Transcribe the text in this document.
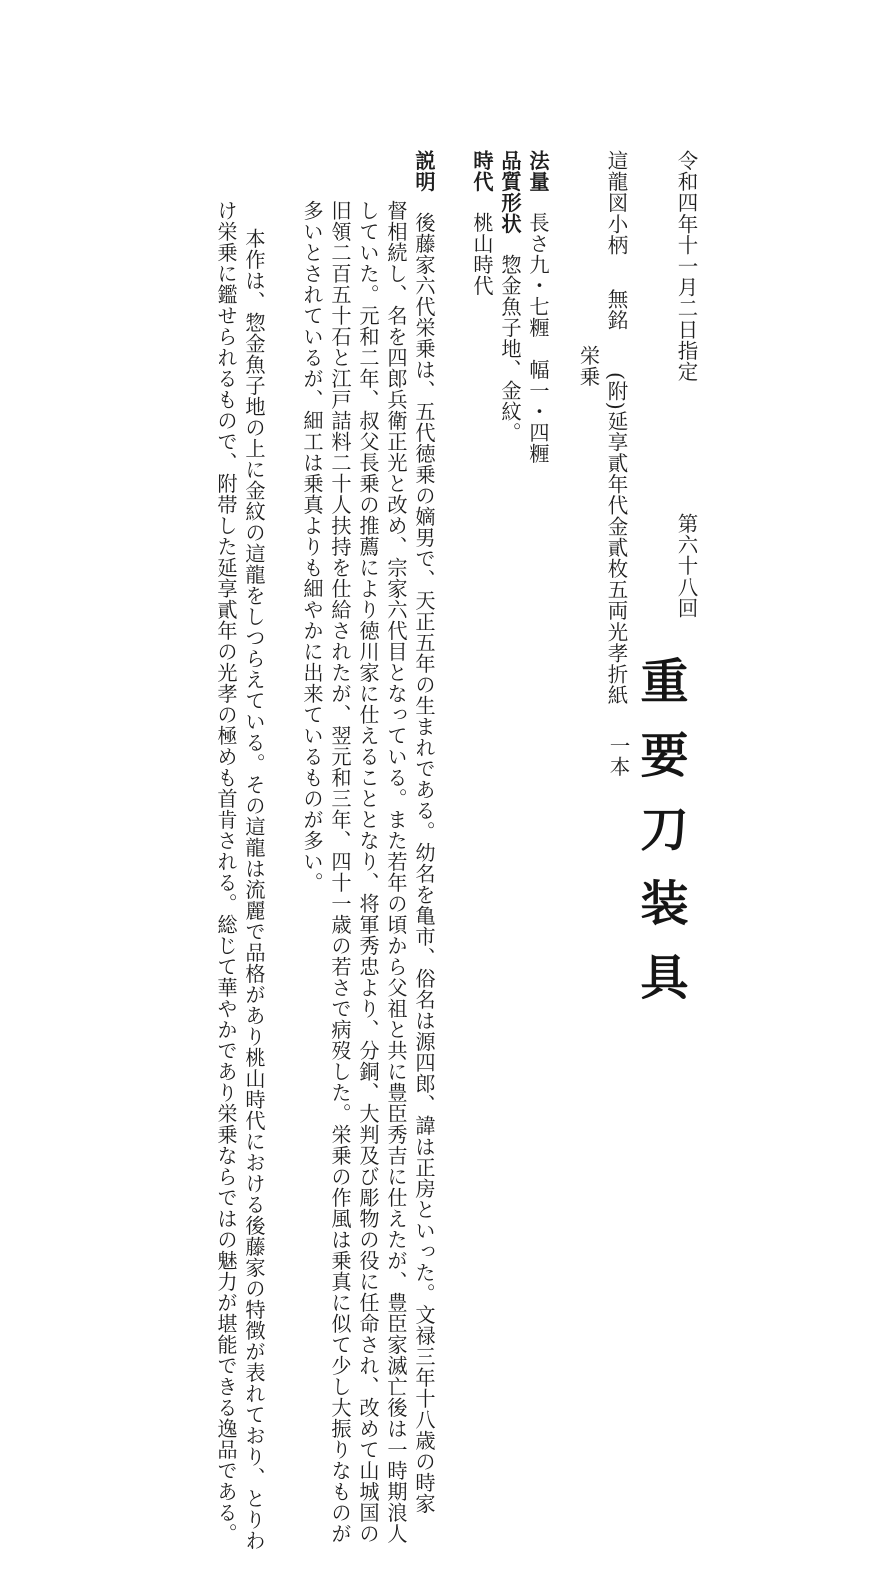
令和四年十一月二日指定
第六十八回
重要刀装具
一本
這龍図小柄無銘
栄乗
(附)延享貳年代金貳枚五両光孝折紙
法量長さ九・七糎　幅一・四糎
品質形状惣金魚子地、金紋。
時代桃山時代
説明後藤家六代栄乗は、五代徳乗の嫡男で、天正五年の生まれである。幼名を亀市、俗名は源四郎、諱は正房といった。文禄三年十八歳の時家
督相続し、名を四郎兵衛正光と改め、宗家六代目となっている。また若年の頃から父祖と共に豊臣秀吉に仕えたが、豊臣家滅亡後は一時期浪人
していた。元和二年、叔父長乗の推薦により徳川家に仕えることとなり、将軍秀忠より、分銅、大判及び彫物の役に任命され、改めて山城国の
旧領二百五十石と江戸詰料二十人扶持を仕給されたが、翌元和三年、四十一歳の若さで病歿した。栄乗の作風は乗真に似て少し大振りなものが
多いとされているが、細工は乗真よりも細やかに出来ているものが多い。
本作は、惣金魚子地の上に金紋の這龍をしつらえている。その這龍は流麗で品格があり桃山時代における後藤家の特徴が表れており、とりわ
け栄乗に鑑せられるもので、附帯した延享貳年の光孝の極めも首肯される。総じて華やかであり栄乗ならではの魅力が堪能できる逸品である。
